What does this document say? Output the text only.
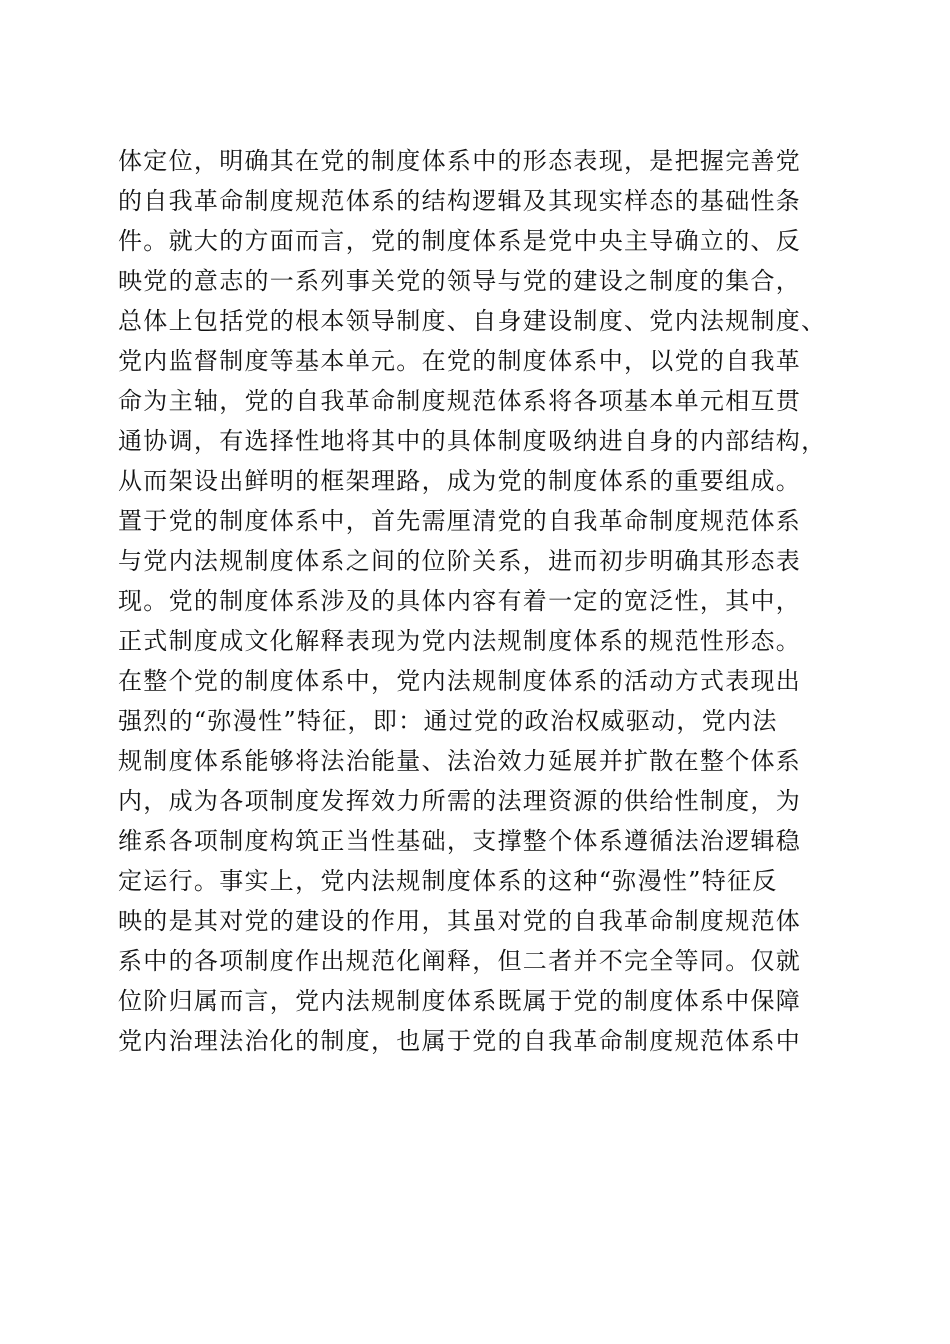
体定位，明确其在党的制度体系中的形态表现，是把握完善党
的自我革命制度规范体系的结构逻辑及其现实样态的基础性条
件。就大的方面而言，党的制度体系是党中央主导确立的、反
映党的意志的一系列事关党的领导与党的建设之制度的集合，
总体上包括党的根本领导制度、自身建设制度、党内法规制度、
党内监督制度等基本单元。在党的制度体系中，以党的自我革
命为主轴，党的自我革命制度规范体系将各项基本单元相互贯
通协调，有选择性地将其中的具体制度吸纳进自身的内部结构，
从而架设出鲜明的框架理路，成为党的制度体系的重要组成。
置于党的制度体系中，首先需厘清党的自我革命制度规范体系
与党内法规制度体系之间的位阶关系，进而初步明确其形态表
现。党的制度体系涉及的具体内容有着一定的宽泛性，其中，
正式制度成文化解释表现为党内法规制度体系的规范性形态。
在整个党的制度体系中，党内法规制度体系的活动方式表现出
强烈的“弥漫性”特征，即：通过党的政治权威驱动，党内法
规制度体系能够将法治能量、法治效力延展并扩散在整个体系
内，成为各项制度发挥效力所需的法理资源的供给性制度，为
维系各项制度构筑正当性基础，支撑整个体系遵循法治逻辑稳
定运行。事实上，党内法规制度体系的这种“弥漫性”特征反
映的是其对党的建设的作用，其虽对党的自我革命制度规范体
系中的各项制度作出规范化阐释，但二者并不完全等同。仅就
位阶归属而言，党内法规制度体系既属于党的制度体系中保障
党内治理法治化的制度，也属于党的自我革命制度规范体系中
